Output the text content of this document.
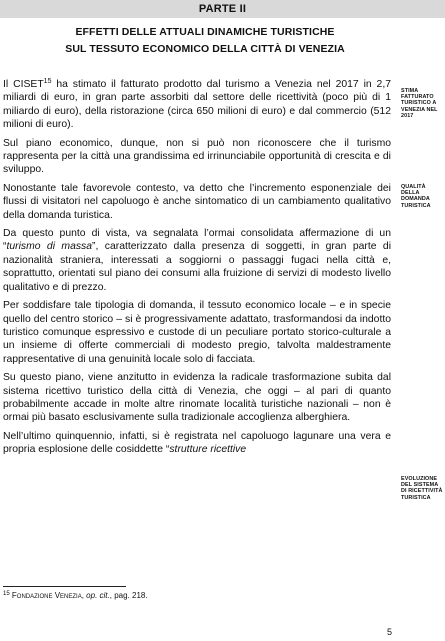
PARTE II
EFFETTI DELLE ATTUALI DINAMICHE TURISTICHE
SUL TESSUTO ECONOMICO DELLA CITTÀ DI VENEZIA
STIMA FATTURATO TURISTICO A VENEZIA NEL 2017
QUALITÀ DELLA DOMANDA TURISTICA
EVOLUZIONE DEL SISTEMA DI RICETTIVITÀ TURISTICA

Il CISET$^{15}$ ha stimato il fatturato prodotto dal turismo a Venezia nel 2017 in 2,7 miliardi di euro, in gran parte assorbiti dal settore delle ricettività (poco più di 1 miliardo di euro), della ristorazione (circa 650 milioni di euro) e dal commercio (512 milioni di euro).

Sul piano economico, dunque, non si può non riconoscere che il turismo rappresenta per la città una grandissima ed irrinunciabile opportunità di crescita e di sviluppo.

Nonostante tale favorevole contesto, va detto che l’incremento esponenziale dei flussi di visitatori nel capoluogo è anche sintomatico di un cambiamento qualitativo della domanda turistica.

Da questo punto di vista, va segnalata l’ormai consolidata affermazione di un “turismo di massa”, caratterizzato dalla presenza di soggetti, in gran parte di nazionalità straniera, interessati a soggiorni o passaggi fugaci nella città e, soprattutto, orientati sul piano dei consumi alla fruizione di servizi di modesto livello qualitativo e di prezzo.

Per soddisfare tale tipologia di domanda, il tessuto economico locale – e in specie quello del centro storico – si è progressivamente adattato, trasformandosi da indotto turistico comunque espressivo e custode di un peculiare portato storico-culturale a un insieme di offerte commerciali di modesto pregio, talvolta maldestramente rappresentative di una genuinità locale solo di facciata.

Su questo piano, viene anzitutto in evidenza la radicale trasformazione subita dal sistema ricettivo turistico della città di Venezia, che oggi – al pari di quanto probabilmente accade in molte altre rinomate località turistiche nazionali – non è ormai più basato esclusivamente sulla tradizionale accoglienza alberghiera.

Nell’ultimo quinquennio, infatti, si è registrata nel capoluogo lagunare una vera e propria esplosione delle cosiddette “strutture ricettive

$^{15}$ Fondazione Venezia, op. cit., pag. 218.
5
